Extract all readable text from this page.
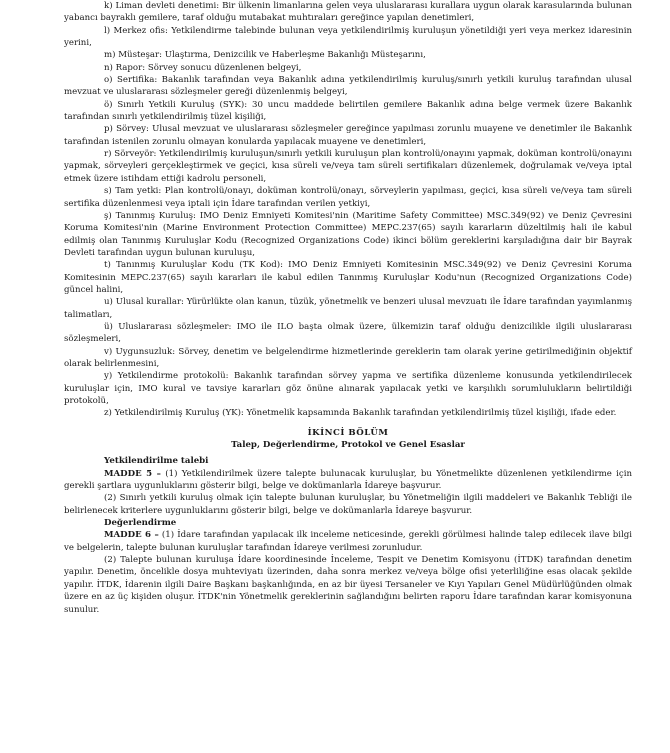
k) Liman devleti denetimi: Bir ülkenin limanlarına gelen veya uluslararası kurallara uygun olarak karasularında bulunan yabancı bayraklı gemilere, taraf olduğu mutabakat muhtıraları gereğince yapılan denetimleri,

l) Merkez ofis: Yetkilendirme talebinde bulunan veya yetkilendirilmiş kuruluşun yönetildiği yeri veya merkez idaresinin yerini,

m) Müsteşar: Ulaştırma, Denizcilik ve Haberleşme Bakanlığı Müsteşarını,

n) Rapor: Sörvey sonucu düzenlenen belgeyi,

o) Sertifika: Bakanlık tarafından veya Bakanlık adına yetkilendirilmiş kuruluş/sınırlı yetkili kuruluş tarafından ulusal mevzuat ve uluslararası sözleşmeler gereği düzenlenmiş belgeyi,

ö) Sınırlı Yetkili Kuruluş (SYK): 30 uncu maddede belirtilen gemilere Bakanlık adına belge vermek üzere Bakanlık tarafından sınırlı yetkilendirilmiş tüzel kişiliği,

p) Sörvey: Ulusal mevzuat ve uluslararası sözleşmeler gereğince yapılması zorunlu muayene ve denetimler ile Bakanlık tarafından istenilen zorunlu olmayan konularda yapılacak muayene ve denetimleri,

r) Sörveyör: Yetkilendirilmiş kuruluşun/sınırlı yetkili kuruluşun plan kontrolü/onayını yapmak, doküman kontrolü/onayını yapmak, sörveyleri gerçekleştirmek ve geçici, kısa süreli ve/veya tam süreli sertifikaları düzenlemek, doğrulamak ve/veya iptal etmek üzere istihdam ettiği kadrolu personeli,

s) Tam yetki: Plan kontrolü/onayı, doküman kontrolü/onayı, sörveylerin yapılması, geçici, kısa süreli ve/veya tam süreli sertifika düzenlenmesi veya iptali için İdare tarafından verilen yetkiyi,

ş) Tanınmış Kuruluş: IMO Deniz Emniyeti Komitesi'nin (Maritime Safety Committee) MSC.349(92) ve Deniz Çevresini Koruma Komitesi'nin (Marine Environment Protection Committee) MEPC.237(65) sayılı kararların düzeltilmiş hali ile kabul edilmiş olan Tanınmış Kuruluşlar Kodu (Recognized Organizations Code) ikinci bölüm gereklerini karşıladığına dair bir Bayrak Devleti tarafından uygun bulunan kuruluşu,

t) Tanınmış Kuruluşlar Kodu (TK Kod): IMO Deniz Emniyeti Komitesinin MSC.349(92) ve Deniz Çevresini Koruma Komitesinin MEPC.237(65) sayılı kararları ile kabul edilen Tanınmış Kuruluşlar Kodu'nun (Recognized Organizations Code) güncel halini,

u) Ulusal kurallar: Yürürlükte olan kanun, tüzük, yönetmelik ve benzeri ulusal mevzuatı ile İdare tarafından yayımlanmış talimatları,

ü) Uluslararası sözleşmeler: IMO ile ILO başta olmak üzere, ülkemizin taraf olduğu denizcilikle ilgili uluslararası sözleşmeleri,

v) Uygunsuzluk: Sörvey, denetim ve belgelendirme hizmetlerinde gereklerin tam olarak yerine getirilmediğinin objektif olarak belirlenmesini,

y) Yetkilendirme protokolü: Bakanlık tarafından sörvey yapma ve sertifika düzenleme konusunda yetkilendirilecek kuruluşlar için, IMO kural ve tavsiye kararları göz önüne alınarak yapılacak yetki ve karşılıklı sorumlulukların belirtildiği protokolü,

z) Yetkilendirilmiş Kuruluş (YK): Yönetmelik kapsamında Bakanlık tarafından yetkilendirilmiş tüzel kişiliği, ifade eder.

İKİNCİ BÖLÜM
Talep, Değerlendirme, Protokol ve Genel Esaslar

Yetkilendirilme talebi

MADDE 5 – (1) Yetkilendirilmek üzere talepte bulunacak kuruluşlar, bu Yönetmelikte düzenlenen yetkilendirme için gerekli şartlara uygunluklarını gösterir bilgi, belge ve dokümanlarla İdareye başvurur.

(2) Sınırlı yetkili kuruluş olmak için talepte bulunan kuruluşlar, bu Yönetmeliğin ilgili maddeleri ve Bakanlık Tebliği ile belirlenecek kriterlere uygunluklarını gösterir bilgi, belge ve dokümanlarla İdareye başvurur.

Değerlendirme

MADDE 6 – (1) İdare tarafından yapılacak ilk inceleme neticesinde, gerekli görülmesi halinde talep edilecek ilave bilgi ve belgelerin, talepte bulunan kuruluşlar tarafından İdareye verilmesi zorunludur.

(2) Talepte bulunan kuruluşa İdare koordinesinde İnceleme, Tespit ve Denetim Komisyonu (İTDK) tarafından denetim yapılır. Denetim, öncelikle dosya muhteviyatı üzerinden, daha sonra merkez ve/veya bölge ofisi yeterliliğine esas olacak şekilde yapılır. İTDK, İdarenin ilgili Daire Başkanı başkanlığında, en az bir üyesi Tersaneler ve Kıyı Yapıları Genel Müdürlüğünden olmak üzere en az üç kişiden oluşur. İTDK'nin Yönetmelik gereklerinin sağlandığını belirten raporu İdare tarafından karar komisyonuna sunulur.
